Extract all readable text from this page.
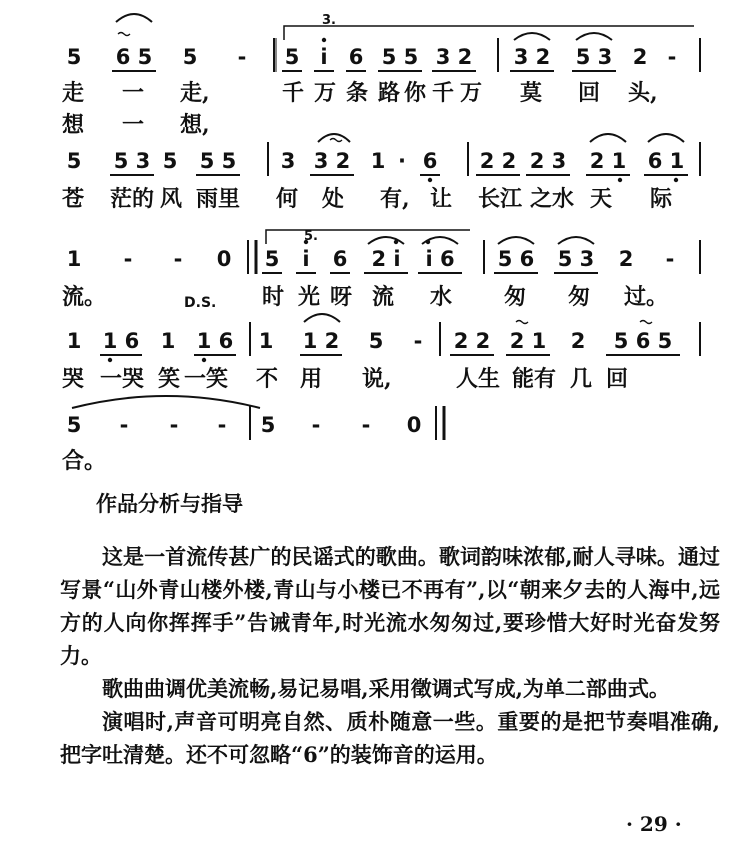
5 6 5 5 - 5	i	6 5 5 3 2 3 2 5 3 2 -
走 一 走,	千 万 条 路 你 千 万 莫 回 头,
想 一 想,
5 5 3 5 5 5 3 3 2 1 · 6 2 2 2 3 2 1 6 1
苍 茫的 风 雨里 何 处 有, 让 长江 之水 天 际
1 - - 0 5	i	6	2 i	i 6	5 6 5 3 2 -
流。	D.S. 时 光 呀 流 水 匆 匆 过。
1 1 6 1 1 6 1 1 2 5 - 2 2 2 1 2	5 6 5
哭 一哭 笑 一笑 不 用 说,	人生 能有 几 回
5 - - - 5 - - 0
合。
3.
5.
作品分析与指导

这是一首流传甚广的民谣式的歌曲。歌词韵味浓郁,耐人寻味。通过写景“山外青山楼外楼,青山与小楼已不再有”,以“朝来夕去的人海中,远方的人向你挥挥手”告诫青年,时光流水匆匆过,要珍惜大好时光奋发努力。

歌曲曲调优美流畅,易记易唱,采用徵调式写成,为单二部曲式。

演唱时,声音可明亮自然、质朴随意一些。重要的是把节奏唱准确,把字吐清楚。还不可忽略“6”的装饰音的运用。

· 29 ·
